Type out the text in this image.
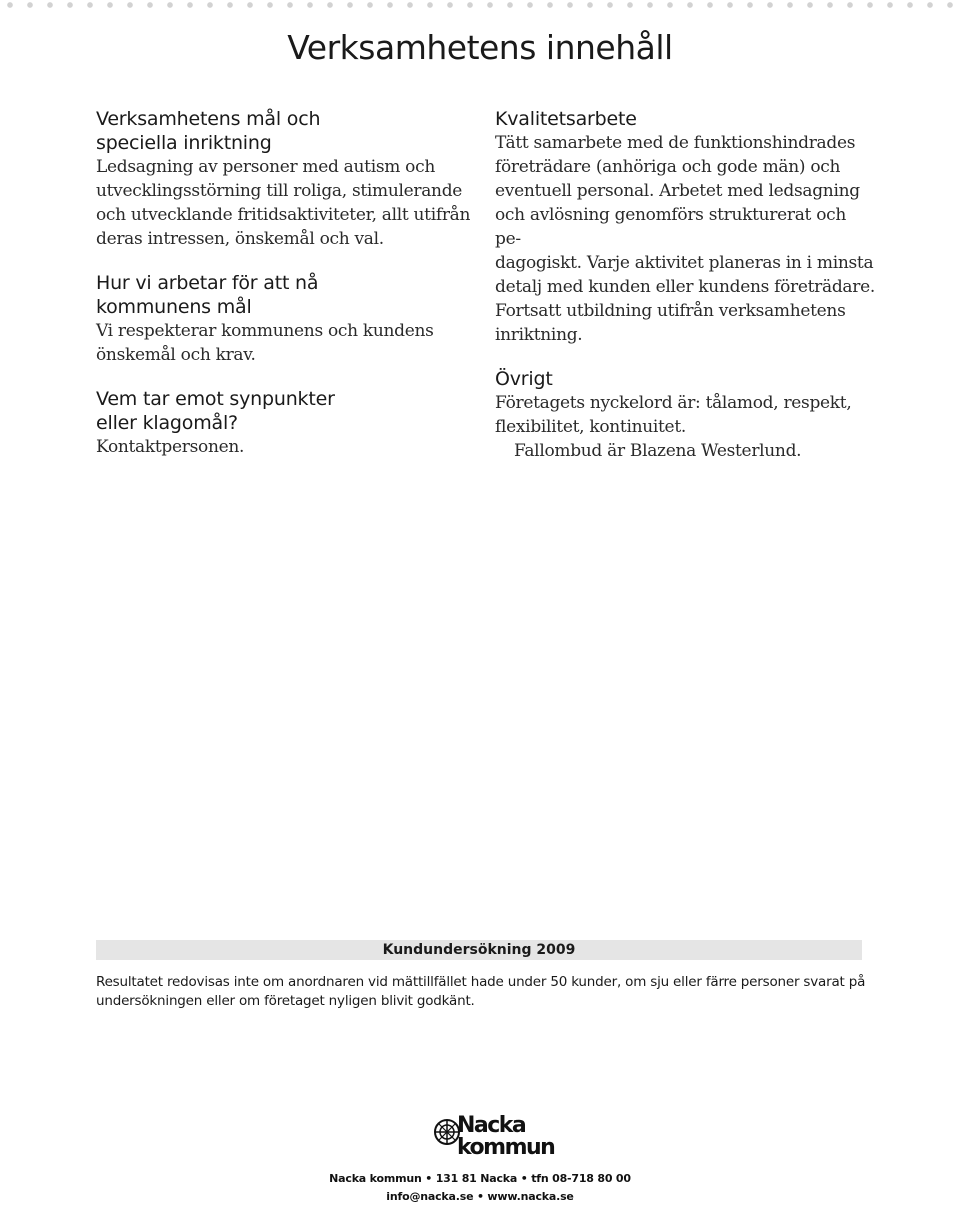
Verksamhetens innehåll
Verksamhetens mål och
speciella inriktning
Ledsagning av personer med autism och
utvecklingsstörning till roliga, stimulerande
och utvecklande fritidsaktiviteter, allt utifrån
deras intressen, önskemål och val.
Hur vi arbetar för att nå
kommunens mål
Vi respekterar kommunens och kundens
önskemål och krav.
Vem tar emot synpunkter
eller klagomål?
Kontaktpersonen.
Kvalitetsarbete
Tätt samarbete med de funktionshindrades
företrädare (anhöriga och gode män) och
eventuell personal. Arbetet med ledsagning
och avlösning genomförs strukturerat och pe-
dagogiskt. Varje aktivitet planeras in i minsta
detalj med kunden eller kundens företrädare.
Fortsatt utbildning utifrån verksamhetens
inriktning.
Övrigt
Företagets nyckelord är: tålamod, respekt,
flexibilitet, kontinuitet.
Fallombud är Blazena Westerlund.
Kundundersökning 2009

Resultatet redovisas inte om anordnaren vid mättillfället hade under 50 kunder, om sju eller färre personer svarat på undersökningen eller om företaget nyligen blivit godkänt.

Nacka
kommun
Nacka kommun • 131 81 Nacka • tfn 08-718 80 00
info@nacka.se • www.nacka.se
